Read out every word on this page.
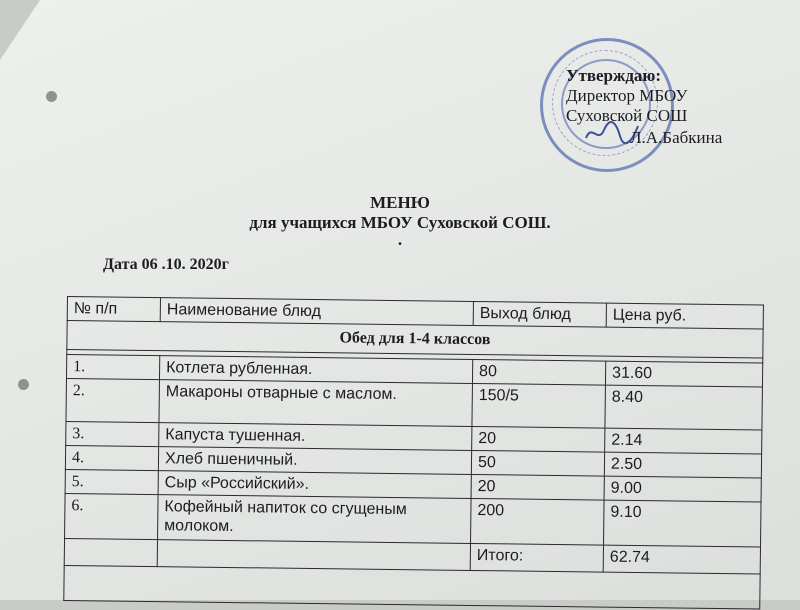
Утверждаю:
Директор МБОУ
Суховской СОШ
Л.А.Бабкина
МЕНЮ
для учащихся МБОУ Суховской СОШ.
.
Дата 06 .10. 2020г
№ п/п	Наименование блюд	Выход блюд	Цена руб.
Обед для 1-4 классов			

1.	Котлета рубленная.	80	31.60
2.	Макароны отварные с маслом.	150/5	8.40
3.	Капуста тушенная.	20	2.14
4.	Хлеб пшеничный.	50	2.50
5.	Сыр «Российский».	20	9.00
6.	Кофейный напиток со сгущеным молоком.	200	9.10
		Итого:	62.74
